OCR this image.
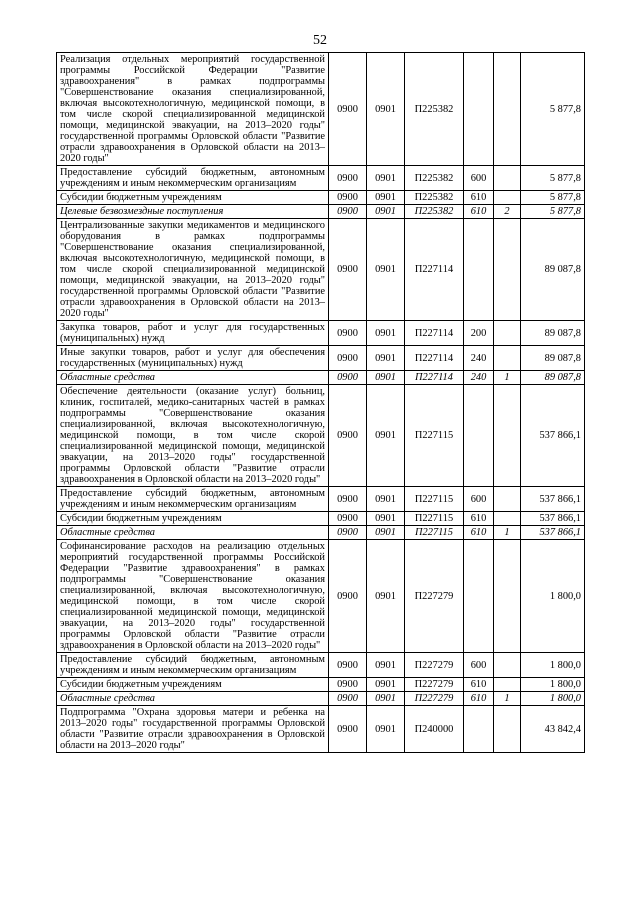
52
Реализация отдельных мероприятий государственной программы Российской Федерации "Развитие здравоохранения" в рамках подпрограммы "Совершенствование оказания специализированной, включая высокотехнологичную, медицинской помощи, в том числе скорой специализированной медицинской помощи, медицинской эвакуации, на 2013–2020 годы" государственной программы Орловской области "Развитие отрасли здравоохранения в Орловской области на 2013–2020 годы"	0900	0901	П225382			5 877,8
Предоставление субсидий бюджетным, автономным учреждениям и иным некоммерческим организациям	0900	0901	П225382	600		5 877,8
Субсидии бюджетным учреждениям	0900	0901	П225382	610		5 877,8
Целевые безвозмездные поступления	0900	0901	П225382	610	2	5 877,8
Централизованные закупки медикаментов и медицинского оборудования в рамках подпрограммы "Совершенствование оказания специализированной, включая высокотехнологичную, медицинской помощи, в том числе скорой специализированной медицинской помощи, медицинской эвакуации, на 2013–2020 годы" государственной программы Орловской области "Развитие отрасли здравоохранения в Орловской области на 2013–2020 годы"	0900	0901	П227114			89 087,8
Закупка товаров, работ и услуг для государственных (муниципальных) нужд	0900	0901	П227114	200		89 087,8
Иные закупки товаров, работ и услуг для обеспечения государственных (муниципальных) нужд	0900	0901	П227114	240		89 087,8
Областные средства	0900	0901	П227114	240	1	89 087,8
Обеспечение деятельности (оказание услуг) больниц, клиник, госпиталей, медико-санитарных частей в рамках подпрограммы "Совершенствование оказания специализированной, включая высокотехнологичную, медицинской помощи, в том числе скорой специализированной медицинской помощи, медицинской эвакуации, на 2013–2020 годы" государственной программы Орловской области "Развитие отрасли здравоохранения в Орловской области на 2013–2020 годы"	0900	0901	П227115			537 866,1
Предоставление субсидий бюджетным, автономным учреждениям и иным некоммерческим организациям	0900	0901	П227115	600		537 866,1
Субсидии бюджетным учреждениям	0900	0901	П227115	610		537 866,1
Областные средства	0900	0901	П227115	610	1	537 866,1
Софинансирование расходов на реализацию отдельных мероприятий государственной программы Российской Федерации "Развитие здравоохранения" в рамках подпрограммы "Совершенствование оказания специализированной, включая высокотехнологичную, медицинской помощи, в том числе скорой специализированной медицинской помощи, медицинской эвакуации, на 2013–2020 годы" государственной программы Орловской области "Развитие отрасли здравоохранения в Орловской области на 2013–2020 годы"	0900	0901	П227279			1 800,0
Предоставление субсидий бюджетным, автономным учреждениям и иным некоммерческим организациям	0900	0901	П227279	600		1 800,0
Субсидии бюджетным учреждениям	0900	0901	П227279	610		1 800,0
Областные средства	0900	0901	П227279	610	1	1 800,0
Подпрограмма "Охрана здоровья матери и ребенка на 2013–2020 годы" государственной программы Орловской области "Развитие отрасли здравоохранения в Орловской области на 2013–2020 годы"	0900	0901	П240000			43 842,4
